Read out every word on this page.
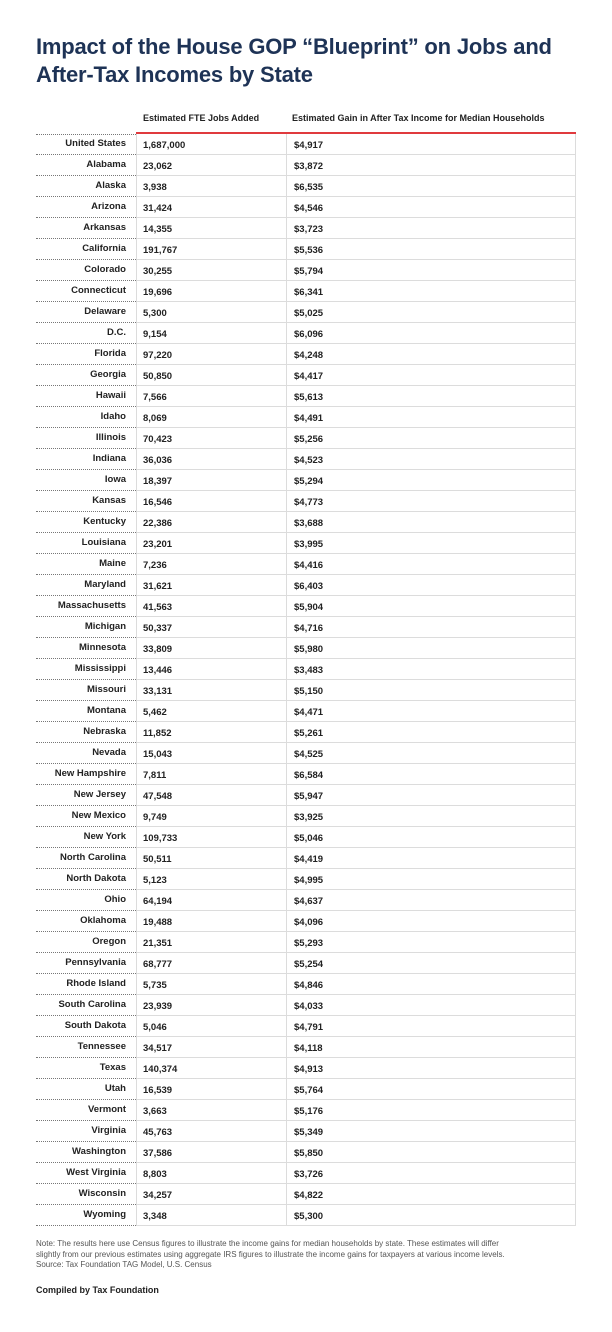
Impact of the House GOP “Blueprint” on Jobs and
After-Tax Incomes by State
Estimated FTE Jobs Added	Estimated Gain in After Tax Income for Median Households
United States 1,687,000	$4,917
Alabama 23,062	$3,872
Alaska 3,938	$6,535
Arizona 31,424	$4,546
Arkansas 14,355	$3,723
California 191,767	$5,536
Colorado 30,255	$5,794
Connecticut 19,696	$6,341
Delaware 5,300	$5,025
D.C. 9,154	$6,096
Florida 97,220	$4,248
Georgia 50,850	$4,417
Hawaii 7,566	$5,613
Idaho 8,069	$4,491
Illinois 70,423	$5,256
Indiana 36,036	$4,523
Iowa 18,397	$5,294
Kansas 16,546	$4,773
Kentucky 22,386	$3,688
Louisiana 23,201	$3,995
Maine 7,236	$4,416
Maryland 31,621	$6,403
Massachusetts 41,563	$5,904
Michigan 50,337	$4,716
Minnesota 33,809	$5,980
Mississippi 13,446	$3,483
Missouri 33,131	$5,150
Montana 5,462	$4,471
Nebraska 11,852	$5,261
Nevada 15,043	$4,525
New Hampshire 7,811	$6,584
New Jersey 47,548	$5,947
New Mexico 9,749	$3,925
New York 109,733	$5,046
North Carolina 50,511	$4,419
North Dakota 5,123	$4,995
Ohio 64,194	$4,637
Oklahoma 19,488	$4,096
Oregon 21,351	$5,293
Pennsylvania 68,777	$5,254
Rhode Island 5,735	$4,846
South Carolina 23,939	$4,033
South Dakota 5,046	$4,791
Tennessee 34,517	$4,118
Texas 140,374	$4,913
Utah 16,539	$5,764
Vermont 3,663	$5,176
Virginia 45,763	$5,349
Washington 37,586	$5,850
West Virginia 8,803	$3,726
Wisconsin 34,257	$4,822
Wyoming 3,348	$5,300
Note: The results here use Census figures to illustrate the income gains for median households by state. These estimates will differ
slightly from our previous estimates using aggregate IRS figures to illustrate the income gains for taxpayers at various income levels.
Source: Tax Foundation TAG Model, U.S. Census
Compiled by Tax Foundation
